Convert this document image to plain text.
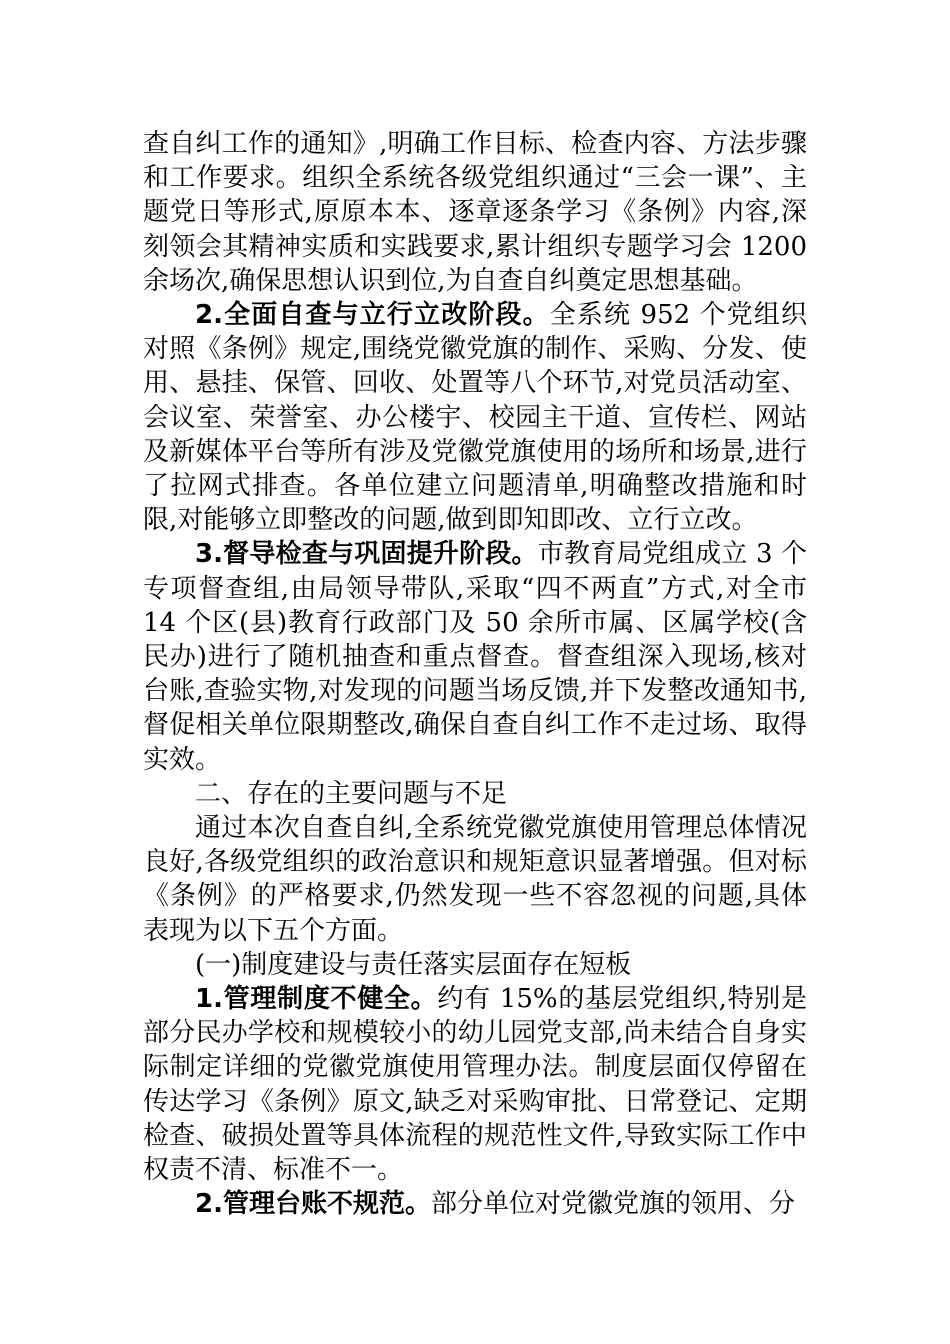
查自纠工作的通知》,明确工作目标、检查内容、方法步骤和工作要求。组织全系统各级党组织通过“三会一课”、主题党日等形式,原原本本、逐章逐条学习《条例》内容,深刻领会其精神实质和实践要求,累计组织专题学习会 1200 余场次,确保思想认识到位,为自查自纠奠定思想基础。

2.全面自查与立行立改阶段。全系统 952 个党组织对照《条例》规定,围绕党徽党旗的制作、采购、分发、使用、悬挂、保管、回收、处置等八个环节,对党员活动室、会议室、荣誉室、办公楼宇、校园主干道、宣传栏、网站及新媒体平台等所有涉及党徽党旗使用的场所和场景,进行了拉网式排查。各单位建立问题清单,明确整改措施和时限,对能够立即整改的问题,做到即知即改、立行立改。

3.督导检查与巩固提升阶段。市教育局党组成立 3 个专项督查组,由局领导带队,采取“四不两直”方式,对全市 14 个区(县)教育行政部门及 50 余所市属、区属学校(含民办)进行了随机抽查和重点督查。督查组深入现场,核对台账,查验实物,对发现的问题当场反馈,并下发整改通知书,督促相关单位限期整改,确保自查自纠工作不走过场、取得实效。

二、存在的主要问题与不足

通过本次自查自纠,全系统党徽党旗使用管理总体情况良好,各级党组织的政治意识和规矩意识显著增强。但对标《条例》的严格要求,仍然发现一些不容忽视的问题,具体表现为以下五个方面。

(一)制度建设与责任落实层面存在短板

1.管理制度不健全。约有 15%的基层党组织,特别是部分民办学校和规模较小的幼儿园党支部,尚未结合自身实际制定详细的党徽党旗使用管理办法。制度层面仅停留在传达学习《条例》原文,缺乏对采购审批、日常登记、定期检查、破损处置等具体流程的规范性文件,导致实际工作中权责不清、标准不一。

2.管理台账不规范。部分单位对党徽党旗的领用、分
